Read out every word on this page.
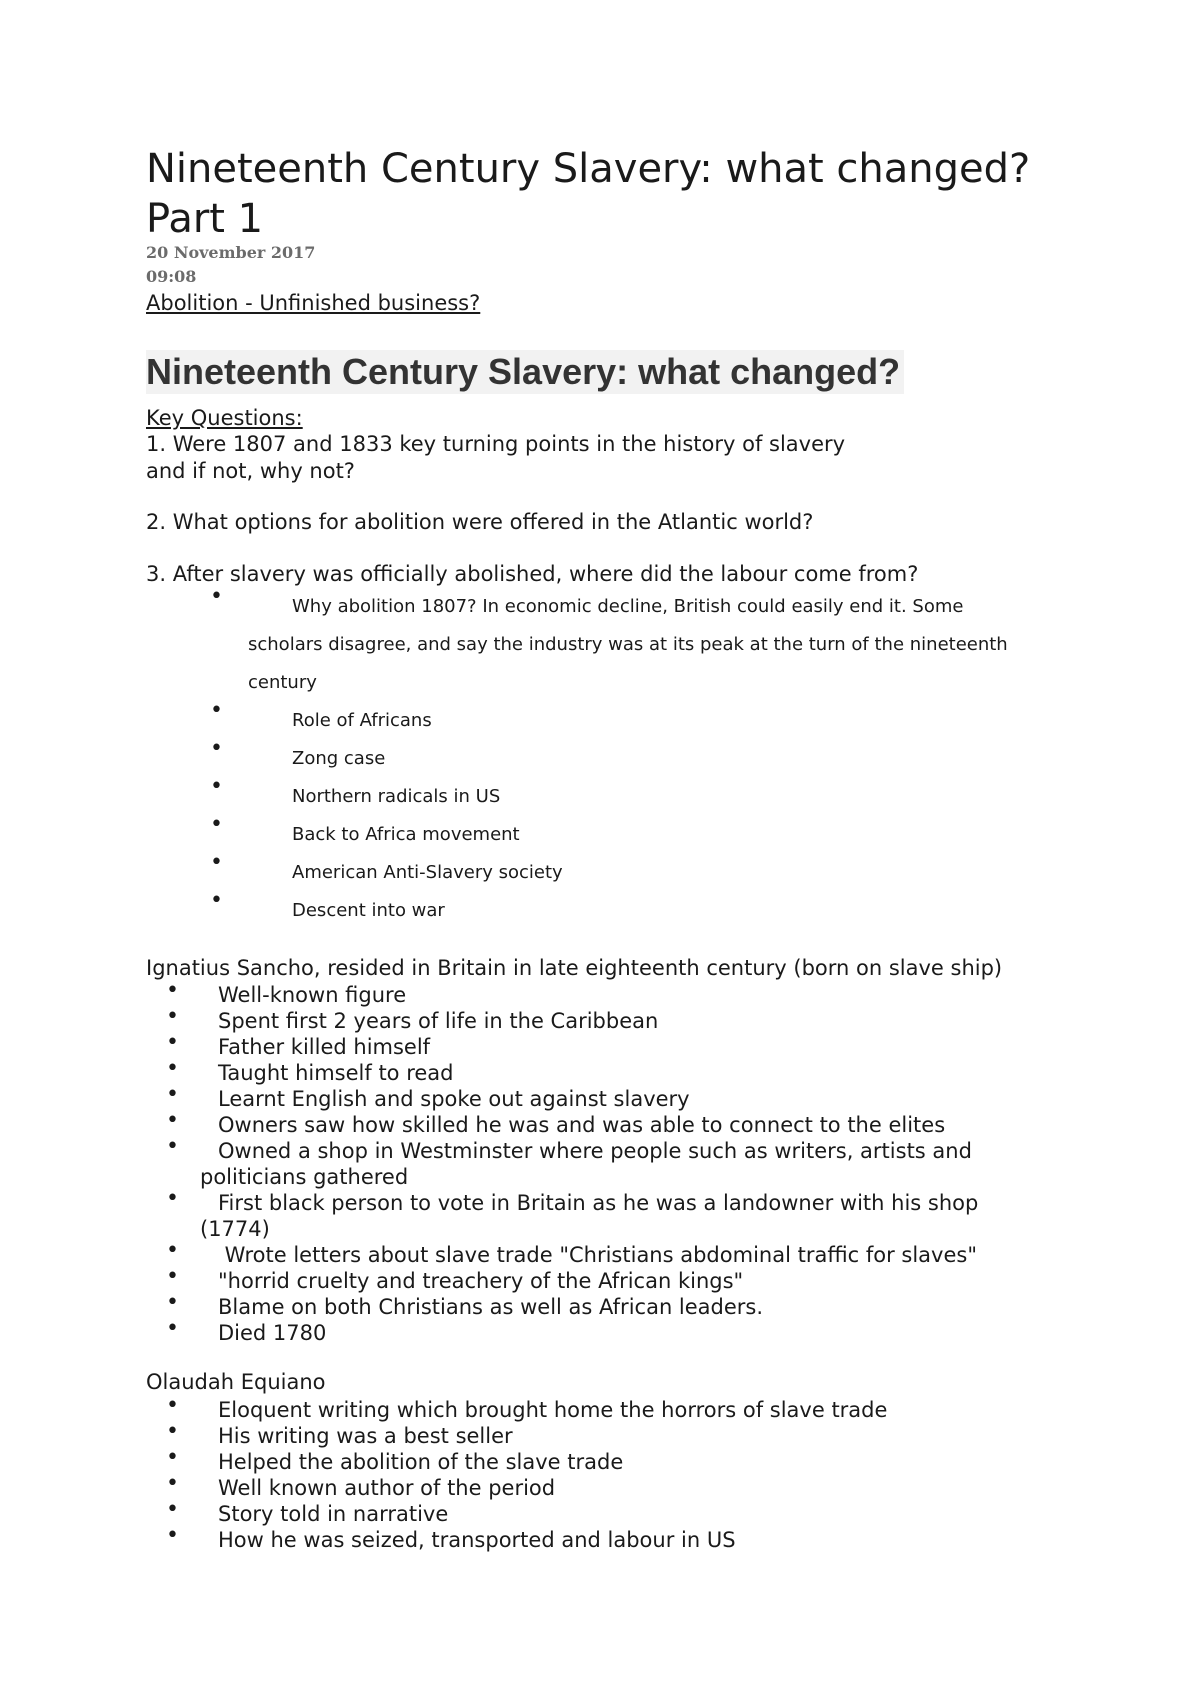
Nineteenth Century Slavery: what changed?
Part 1
20 November 2017
09:08
Abolition - Unfinished business?
Nineteenth Century Slavery: what changed?
Key Questions:
1. Were 1807 and 1833 key turning points in the history of slavery
and if not, why not?
2. What options for abolition were offered in the Atlantic world?
3. After slavery was officially abolished, where did the labour come from?
•	Why abolition 1807? In economic decline, British could easily end it. Some
scholars disagree, and say the industry was at its peak at the turn of the nineteenth
century
•	Role of Africans
•	Zong case
•	Northern radicals in US
•	Back to Africa movement
•	American Anti-Slavery society
•	Descent into war
Ignatius Sancho, resided in Britain in late eighteenth century (born on slave ship)
• Well-known figure
• Spent first 2 years of life in the Caribbean
• Father killed himself
• Taught himself to read
• Learnt English and spoke out against slavery
• Owners saw how skilled he was and was able to connect to the elites
• Owned a shop in Westminster where people such as writers, artists and
politicians gathered
• First black person to vote in Britain as he was a landowner with his shop
(1774)
• Wrote letters about slave trade "Christians abdominal traffic for slaves"
• "horrid cruelty and treachery of the African kings"
• Blame on both Christians as well as African leaders.
• Died 1780
Olaudah Equiano
• Eloquent writing which brought home the horrors of slave trade
• His writing was a best seller
• Helped the abolition of the slave trade
• Well known author of the period
• Story told in narrative
• How he was seized, transported and labour in US
